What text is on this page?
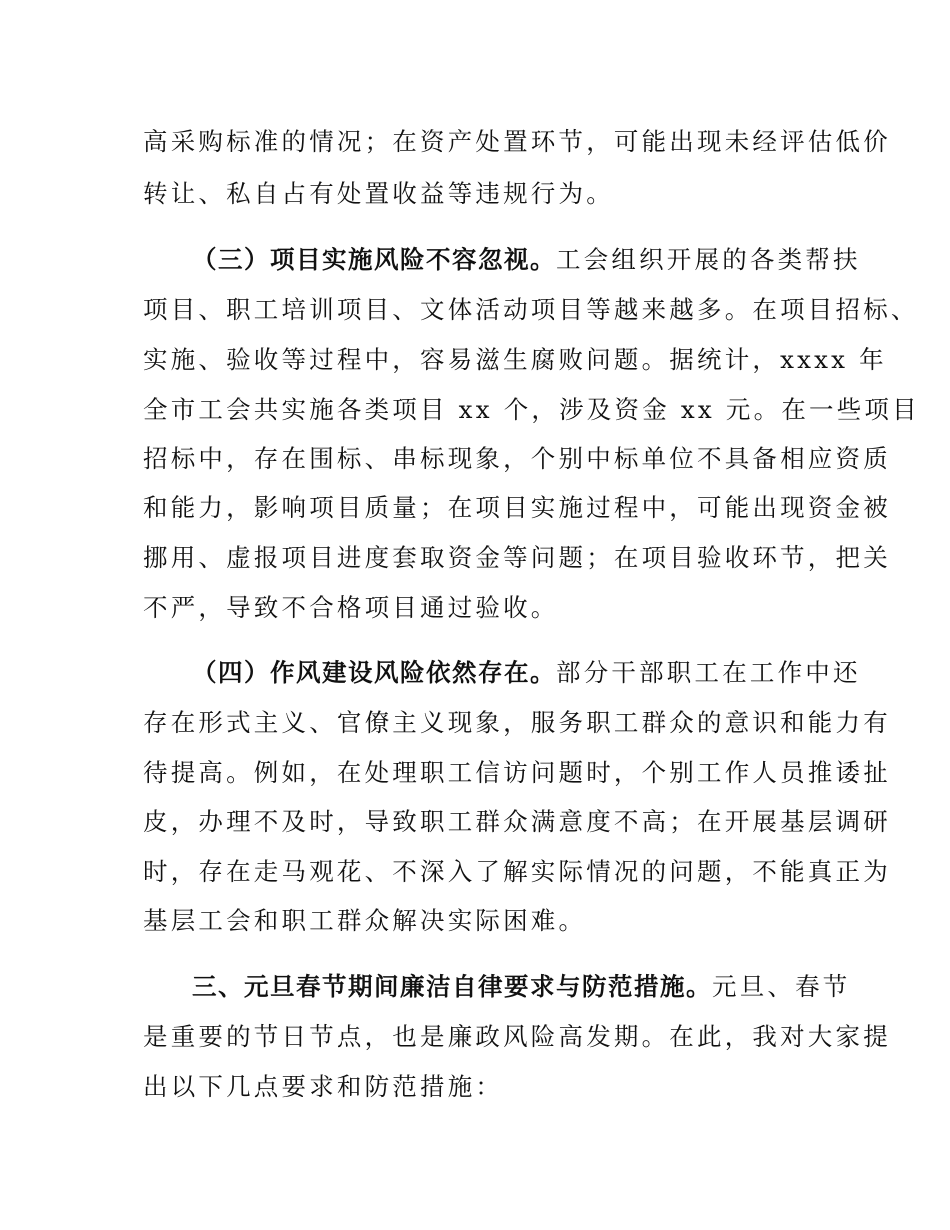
高采购标准的情况；在资产处置环节，可能出现未经评估低价
转让、私自占有处置收益等违规行为。
（三）项目实施风险不容忽视。工会组织开展的各类帮扶
项目、职工培训项目、文体活动项目等越来越多。在项目招标、
实施、验收等过程中，容易滋生腐败问题。据统计，xxxx 年
全市工会共实施各类项目 xx 个，涉及资金 xx 元。在一些项目
招标中，存在围标、串标现象，个别中标单位不具备相应资质
和能力，影响项目质量；在项目实施过程中，可能出现资金被
挪用、虚报项目进度套取资金等问题；在项目验收环节，把关
不严，导致不合格项目通过验收。
（四）作风建设风险依然存在。部分干部职工在工作中还
存在形式主义、官僚主义现象，服务职工群众的意识和能力有
待提高。例如，在处理职工信访问题时，个别工作人员推诿扯
皮，办理不及时，导致职工群众满意度不高；在开展基层调研
时，存在走马观花、不深入了解实际情况的问题，不能真正为
基层工会和职工群众解决实际困难。
三、元旦春节期间廉洁自律要求与防范措施。元旦、春节
是重要的节日节点，也是廉政风险高发期。在此，我对大家提
出以下几点要求和防范措施：
